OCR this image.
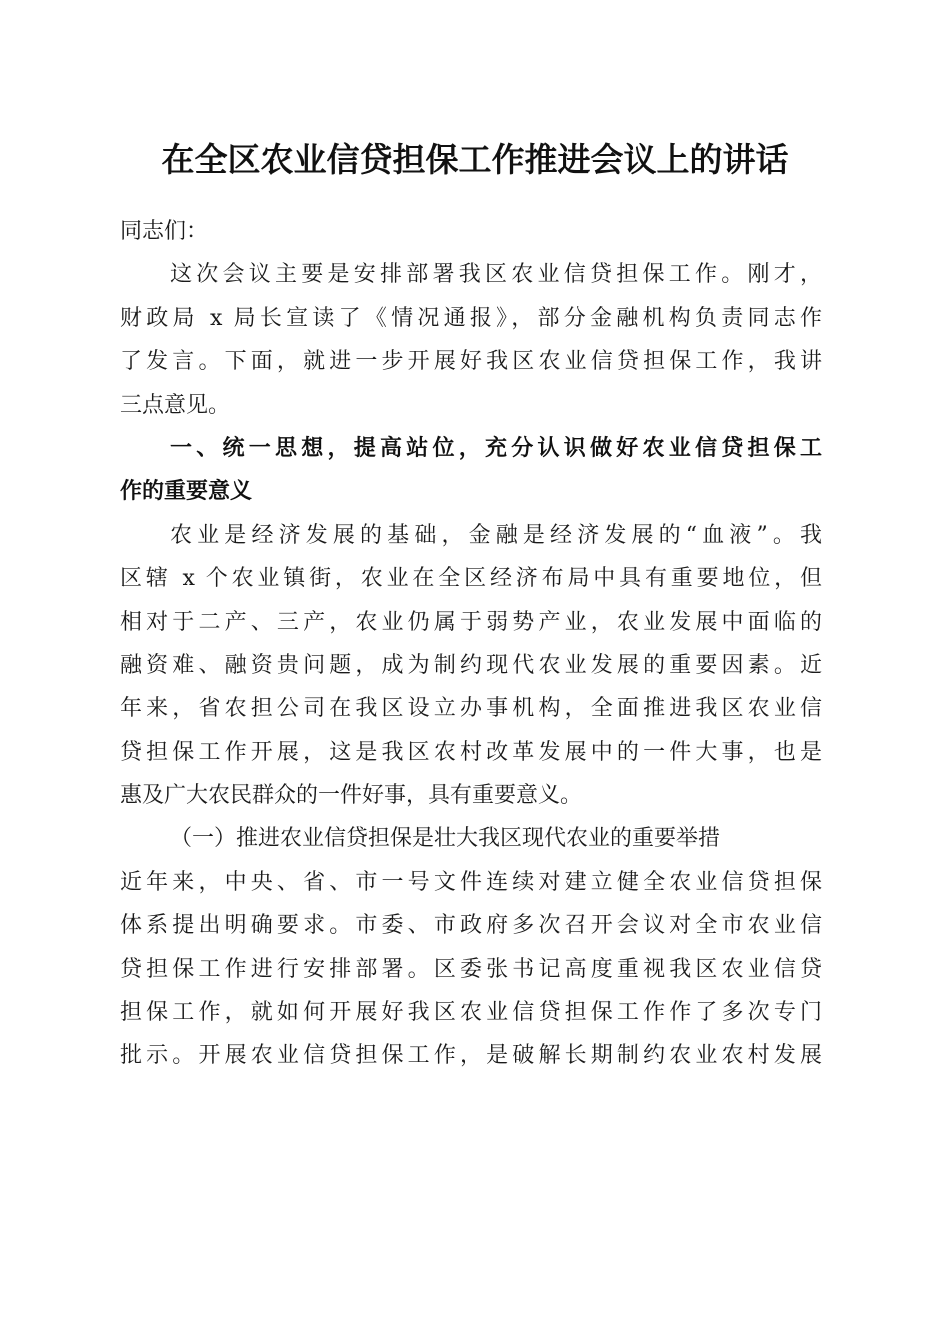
在全区农业信贷担保工作推进会议上的讲话
同志们：
这次会议主要是安排部署我区农业信贷担保工作。刚才，
财政局 x 局长宣读了《情况通报》，部分金融机构负责同志作
了发言。下面，就进一步开展好我区农业信贷担保工作，我讲
三点意见。
一、统一思想，提高站位，充分认识做好农业信贷担保工
作的重要意义
农业是经济发展的基础，金融是经济发展的“血液”。我
区辖 x 个农业镇街，农业在全区经济布局中具有重要地位，但
相对于二产、三产，农业仍属于弱势产业，农业发展中面临的
融资难、融资贵问题，成为制约现代农业发展的重要因素。近
年来，省农担公司在我区设立办事机构，全面推进我区农业信
贷担保工作开展，这是我区农村改革发展中的一件大事，也是
惠及广大农民群众的一件好事，具有重要意义。
（一）推进农业信贷担保是壮大我区现代农业的重要举措
近年来，中央、省、市一号文件连续对建立健全农业信贷担保
体系提出明确要求。市委、市政府多次召开会议对全市农业信
贷担保工作进行安排部署。区委张书记高度重视我区农业信贷
担保工作，就如何开展好我区农业信贷担保工作作了多次专门
批示。开展农业信贷担保工作，是破解长期制约农业农村发展
